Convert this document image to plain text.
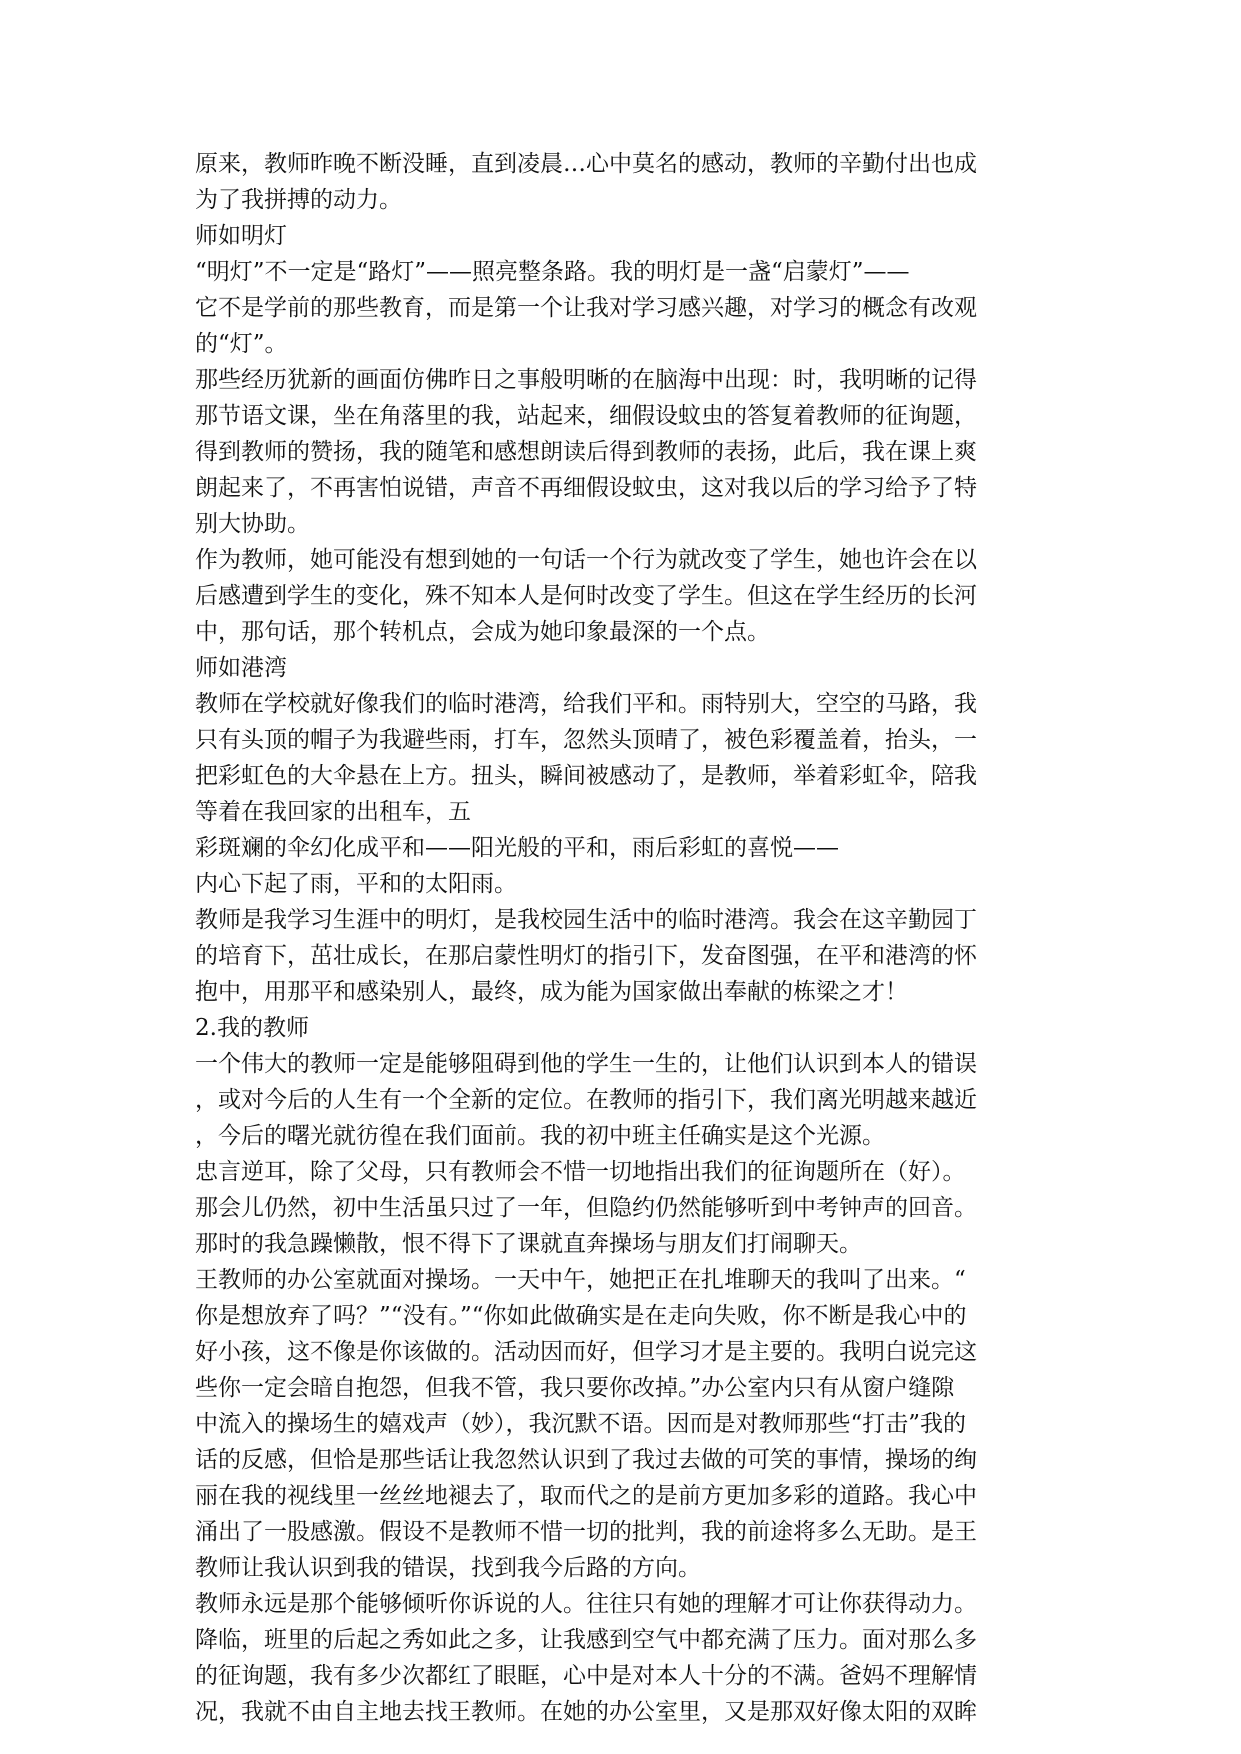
原来，教师昨晚不断没睡，直到凌晨…心中莫名的感动，教师的辛勤付出也成
为了我拼搏的动力。
师如明灯
“明灯”不一定是“路灯”——照亮整条路。我的明灯是一盏“启蒙灯”——
它不是学前的那些教育，而是第一个让我对学习感兴趣，对学习的概念有改观
的“灯”。
那些经历犹新的画面仿佛昨日之事般明晰的在脑海中出现：时，我明晰的记得
那节语文课，坐在角落里的我，站起来，细假设蚊虫的答复着教师的征询题，
得到教师的赞扬，我的随笔和感想朗读后得到教师的表扬，此后，我在课上爽
朗起来了，不再害怕说错，声音不再细假设蚊虫，这对我以后的学习给予了特
别大协助。
作为教师，她可能没有想到她的一句话一个行为就改变了学生，她也许会在以
后感遭到学生的变化，殊不知本人是何时改变了学生。但这在学生经历的长河
中，那句话，那个转机点，会成为她印象最深的一个点。
师如港湾
教师在学校就好像我们的临时港湾，给我们平和。雨特别大，空空的马路，我
只有头顶的帽子为我避些雨，打车，忽然头顶晴了，被色彩覆盖着，抬头，一
把彩虹色的大伞悬在上方。扭头，瞬间被感动了，是教师，举着彩虹伞，陪我
等着在我回家的出租车，五
彩斑斓的伞幻化成平和——阳光般的平和，雨后彩虹的喜悦——
内心下起了雨，平和的太阳雨。
教师是我学习生涯中的明灯，是我校园生活中的临时港湾。我会在这辛勤园丁
的培育下，茁壮成长，在那启蒙性明灯的指引下，发奋图强，在平和港湾的怀
抱中，用那平和感染别人，最终，成为能为国家做出奉献的栋梁之才！
2.我的教师
一个伟大的教师一定是能够阻碍到他的学生一生的，让他们认识到本人的错误
，或对今后的人生有一个全新的定位。在教师的指引下，我们离光明越来越近
，今后的曙光就彷徨在我们面前。我的初中班主任确实是这个光源。
忠言逆耳，除了父母，只有教师会不惜一切地指出我们的征询题所在（好）。
那会儿仍然，初中生活虽只过了一年，但隐约仍然能够听到中考钟声的回音。
那时的我急躁懒散，恨不得下了课就直奔操场与朋友们打闹聊天。
王教师的办公室就面对操场。一天中午，她把正在扎堆聊天的我叫了出来。“
你是想放弃了吗？”“没有。”“你如此做确实是在走向失败，你不断是我心中的
好小孩，这不像是你该做的。活动因而好，但学习才是主要的。我明白说完这
些你一定会暗自抱怨，但我不管，我只要你改掉。”办公室内只有从窗户缝隙
中流入的操场生的嬉戏声（妙），我沉默不语。因而是对教师那些“打击”我的
话的反感，但恰是那些话让我忽然认识到了我过去做的可笑的事情，操场的绚
丽在我的视线里一丝丝地褪去了，取而代之的是前方更加多彩的道路。我心中
涌出了一股感激。假设不是教师不惜一切的批判，我的前途将多么无助。是王
教师让我认识到我的错误，找到我今后路的方向。
教师永远是那个能够倾听你诉说的人。往往只有她的理解才可让你获得动力。
降临，班里的后起之秀如此之多，让我感到空气中都充满了压力。面对那么多
的征询题，我有多少次都红了眼眶，心中是对本人十分的不满。爸妈不理解情
况，我就不由自主地去找王教师。在她的办公室里，又是那双好像太阳的双眸
